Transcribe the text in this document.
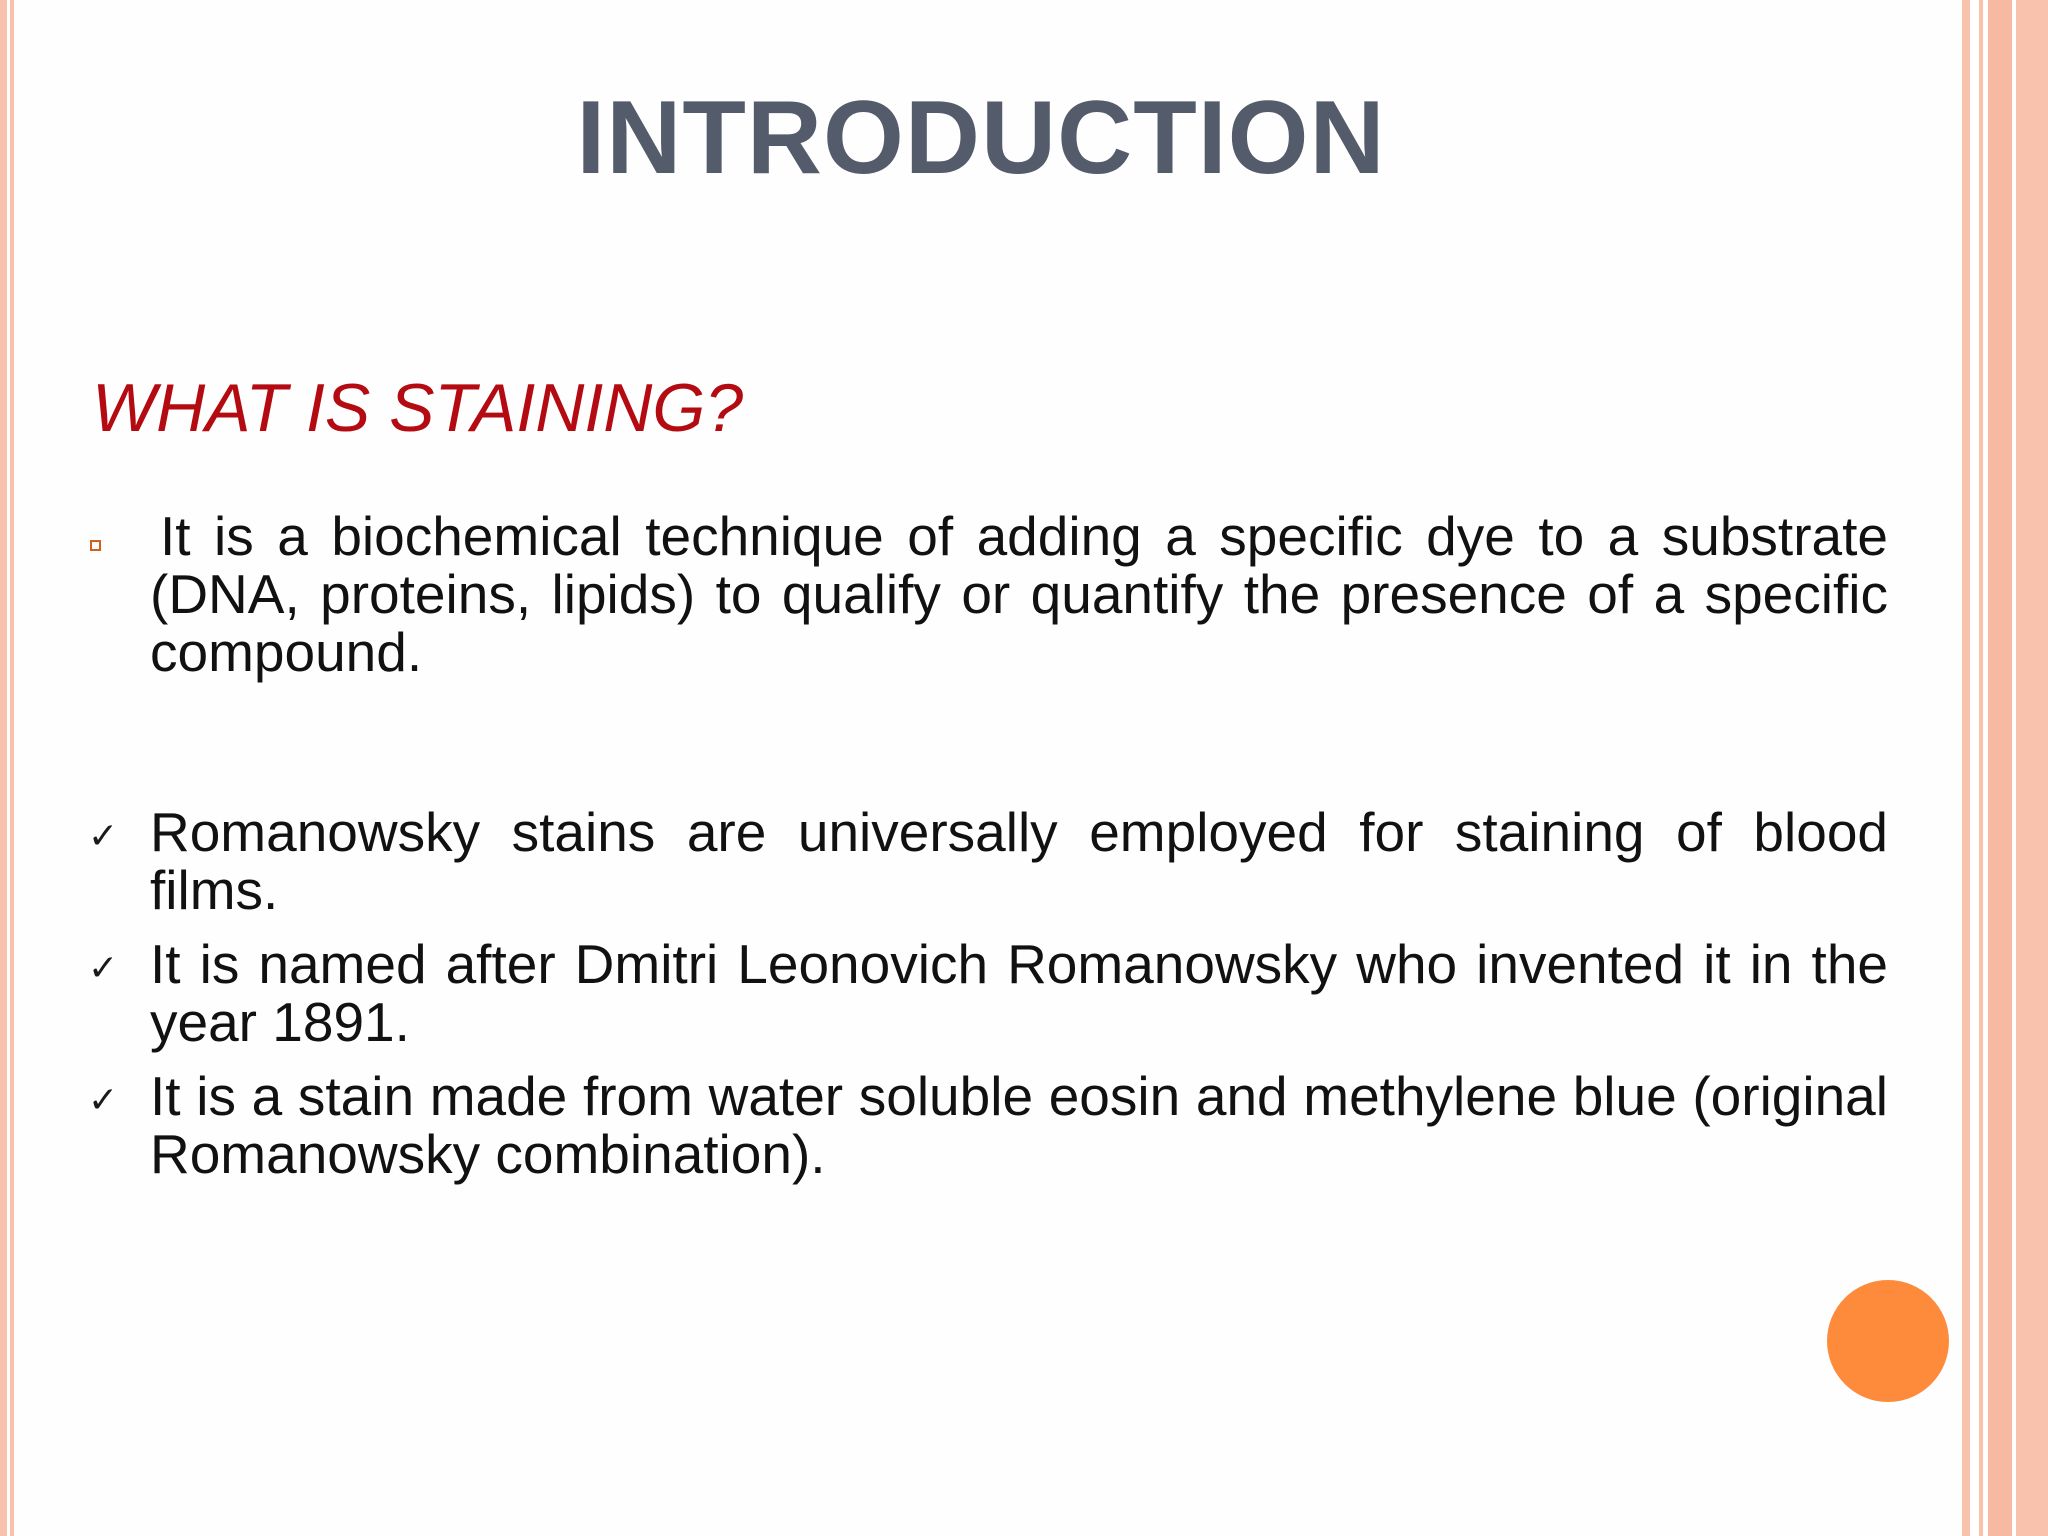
INTRODUCTION
WHAT IS STAINING?
It is a biochemical technique of adding a specific dye to a substrate (DNA, proteins, lipids) to qualify or quantify the presence of a specific compound.
✓ Romanowsky stains are universally employed for staining of blood films.
✓ It is named after Dmitri Leonovich Romanowsky who invented it in the year 1891.
✓ It is a stain made from water soluble eosin and methylene blue (original Romanowsky combination).
